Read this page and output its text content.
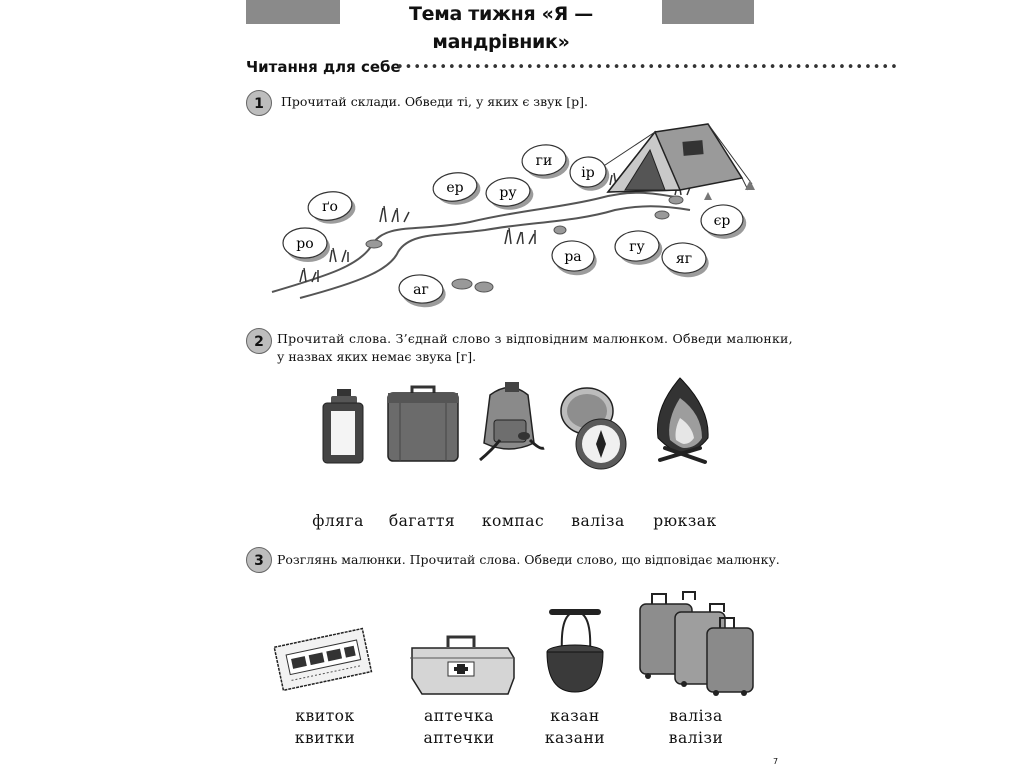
Тема тижня «Я — мандрівник»
Читання для себе
••••••••••••••••••••••••••••••••••••••••••••••••••••••••••
1	Прочитай склади. Обведи ті, у яких є звук [р].
ґо
ро
ер	ру
ги
ір
аг
ра
гу
яг
єр
2	Прочитай слова. З’єднай слово з відповідним малюнком. Обведи малюнки,
у назвах яких немає звука [г].
фляга багаття компас валіза рюкзак
3	Розглянь малюнки. Прочитай слова. Обведи слово, що відповідає малюнку.
квиток
квитки
аптечка
аптечки
казан
казани
валіза
валізи
7
